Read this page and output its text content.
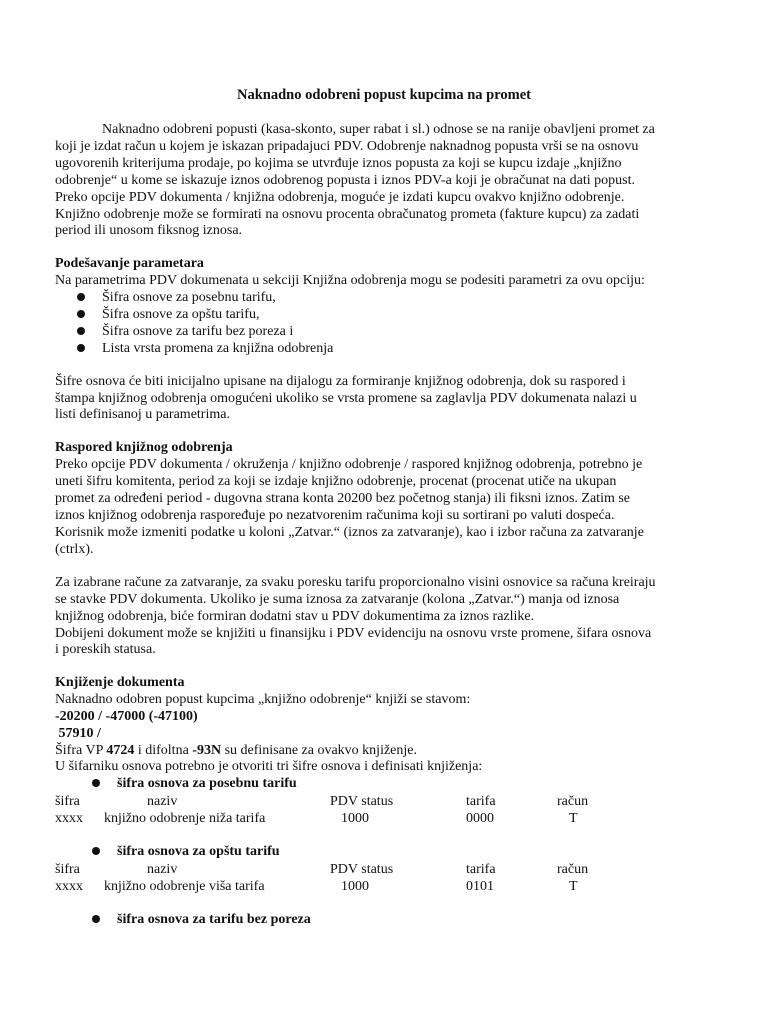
Naknadno odobreni popust kupcima na promet
Naknadno odobreni popusti (kasa-skonto, super rabat i sl.) odnose se na ranije obavljeni promet za
koji je izdat račun u kojem je iskazan pripadajuci PDV. Odobrenje naknadnog popusta vrši se na osnovu
ugovorenih kriterijuma prodaje, po kojima se utvrđuje iznos popusta za koji se kupcu izdaje „knjižno
odobrenje“ u kome se iskazuje iznos odobrenog popusta i iznos PDV-a koji je obračunat na dati popust.
Preko opcije PDV dokumenta / knjižna odobrenja, moguće je izdati kupcu ovakvo knjižno odobrenje.
Knjižno odobrenje može se formirati na osnovu procenta obračunatog prometa (fakture kupcu) za zadati
period ili unosom fiksnog iznosa.
Podešavanje parametara
Na parametrima PDV dokumenata u sekciji Knjižna odobrenja mogu se podesiti parametri za ovu opciju:
Šifra osnove za posebnu tarifu,
Šifra osnove za opštu tarifu,
Šifra osnove za tarifu bez poreza i
Lista vrsta promena za knjižna odobrenja
Šifre osnova će biti inicijalno upisane na dijalogu za formiranje knjižnog odobrenja, dok su raspored i
štampa knjižnog odobrenja omogućeni ukoliko se vrsta promene sa zaglavlja PDV dokumenata nalazi u
listi definisanoj u parametrima.
Raspored knjižnog odobrenja
Preko opcije PDV dokumenta / okruženja / knjižno odobrenje / raspored knjižnog odobrenja, potrebno je
uneti šifru komitenta, period za koji se izdaje knjižno odobrenje, procenat (procenat utiče na ukupan
promet za određeni period - dugovna strana konta 20200 bez početnog stanja) ili fiksni iznos. Zatim se
iznos knjižnog odobrenja raspoređuje po nezatvorenim računima koji su sortirani po valuti dospeća.
Korisnik može izmeniti podatke u koloni „Zatvar.“ (iznos za zatvaranje), kao i izbor računa za zatvaranje
(ctrlx).
Za izabrane račune za zatvaranje, za svaku poresku tarifu proporcionalno visini osnovice sa računa kreiraju
se stavke PDV dokumenta. Ukoliko je suma iznosa za zatvaranje (kolona „Zatvar.“) manja od iznosa
knjižnog odobrenja, biće formiran dodatni stav u PDV dokumentima za iznos razlike.
Dobijeni dokument može se knjižiti u finansijku i PDV evidenciju na osnovu vrste promene, šifara osnova
i poreskih statusa.
Knjiženje dokumenta
Naknadno odobren popust kupcima „knjižno odobrenje“ knjiži se stavom:
-20200 / -47000 (-47100)
57910 /
Šifra VP 4724 i difoltna -93N su definisane za ovakvo knjiženje.
U šifarniku osnova potrebno je otvoriti tri šifre osnova i definisati knjiženja:
šifra osnova za posebnu tarifu
šifra	naziv	PDV status	tarifa	račun
xxxx knjižno odobrenje niža tarifa	1000	0000	T
šifra osnova za opštu tarifu
šifra	naziv	PDV status	tarifa	račun
xxxx knjižno odobrenje viša tarifa	1000	0101	T
šifra osnova za tarifu bez poreza
